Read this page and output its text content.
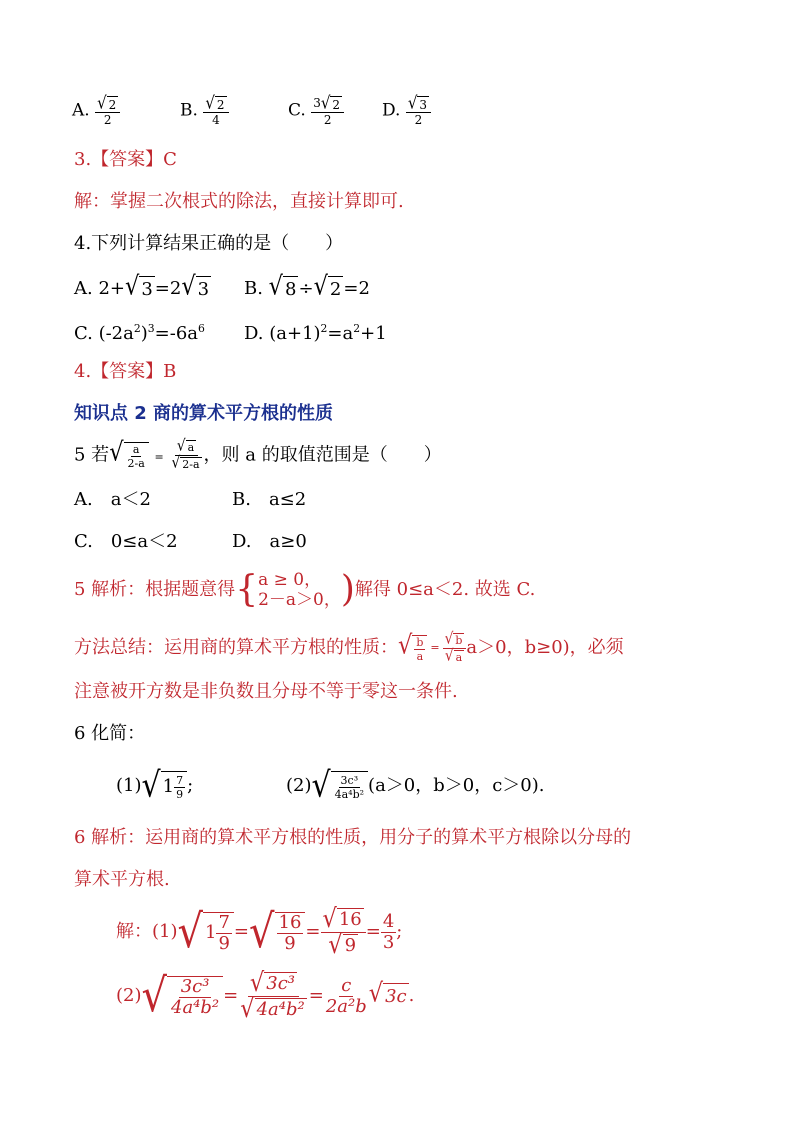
A. $\frac{√ 2}{2}$	B. $\frac{√ 2}{4}$	C. $\frac{3 √ 2}{2} D$. $\frac{√ 3}{2}$
3.【答案】C
解：掌握二次根式的除法，直接计算即可.
4.下列计算结果正确的是（　　）
A. 2+ √ 3 =2 √ 3 B. √ 8 ÷ √ 2 =2
C. $(-2a^2)^3=-6a^6$ D. $(a+1)^2=a^2+1$
4.【答案】B
知识点 2 商的算术平方根的性质
5 若 √ $\frac{a}{2-a} = \frac{√ a}{√ 2-a}$ ，则 a 的取值范围是（　　）
A.　a＜2	B.　a≤2
C.　0≤a＜2	D.　a≥0
5 解析：根据题意得 { a ≥ 0，
2－a＞0， ) 解得 0≤a＜2. 故选 C.
方法总结：运用商的算术平方根的性质： √ $\frac{b}{a} = \frac{√ b}{√ a} a>0$，b≥0)，必须
注意被开方数是非负数且分母不等于零这一条件.
6 化简：
(1) √ $1 \frac{7}{9}$ ;	(2) √ $\frac{\text{3c³}}{\text{4a⁴b²}} (a>0$，b＞0，c＞0).
6 解析：运用商的算术平方根的性质，用分子的算术平方根除以分母的
算术平方根.
解：(1) √ $1 \frac{7}{9}$ = √ $\frac{16}{9} = \frac{√ 16}{√ 9} = \frac{4}{3}$ ;
(2) √ $\frac{\text{3c³}}{\text{4a⁴b²}} = \frac{\text{√ 3c³}}{\text{√ 4a⁴b²}} = \frac{c}{\text{2a²b}}$ √ 3c .
